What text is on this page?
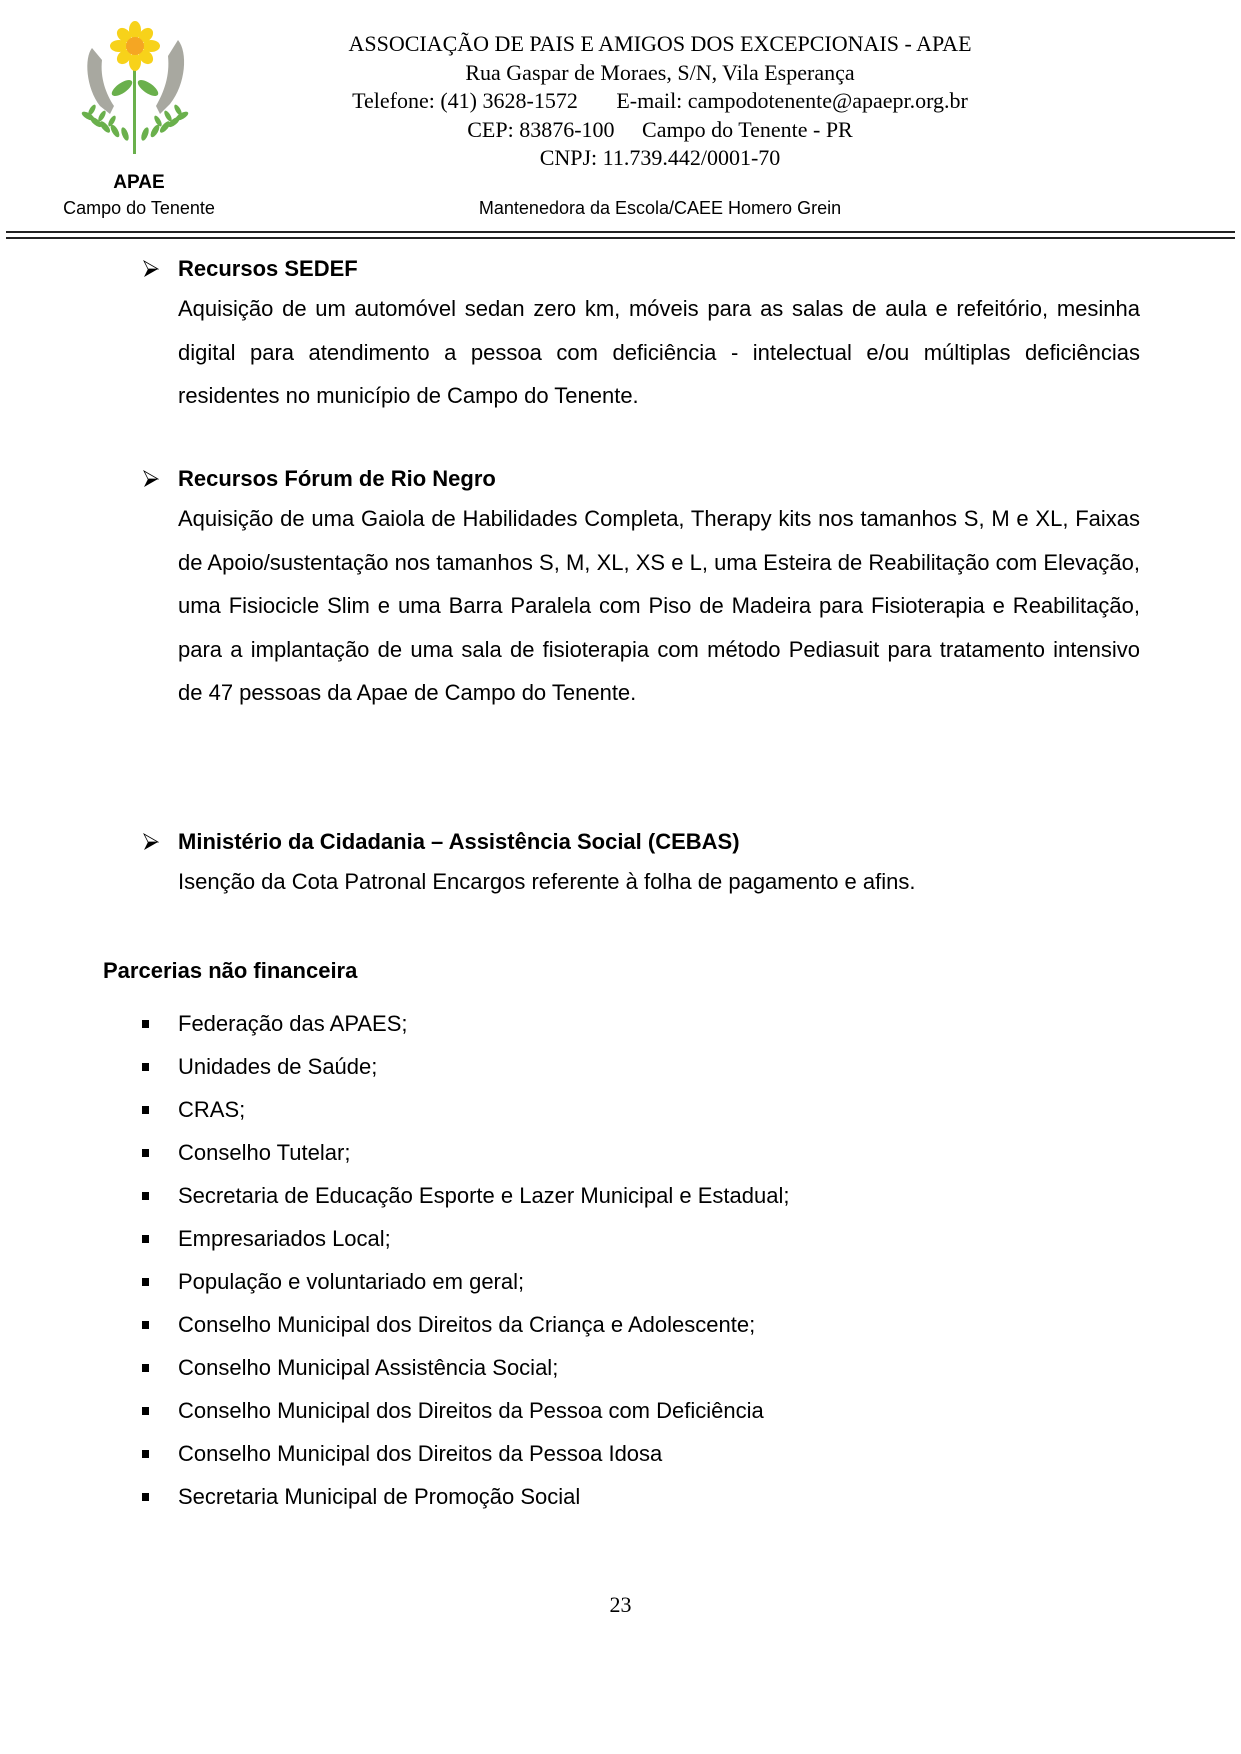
APAE
Campo do Tenente
ASSOCIAÇÃO DE PAIS E AMIGOS DOS EXCEPCIONAIS - APAE
Rua Gaspar de Moraes, S/N, Vila Esperança
Telefone: (41) 3628-1572       E-mail: campodotenente@apaepr.org.br
CEP: 83876-100     Campo do Tenente - PR
CNPJ: 11.739.442/0001-70
Mantenedora da Escola/CAEE Homero Grein
Recursos SEDEF
Aquisição de um automóvel sedan zero km, móveis para as salas de aula e refeitório, mesinha digital para atendimento a pessoa com deficiência - intelectual e/ou múltiplas deficiências residentes no município de Campo do Tenente.
Recursos Fórum de Rio Negro
Aquisição de uma Gaiola de Habilidades Completa, Therapy kits nos tamanhos S, M e XL, Faixas de Apoio/sustentação nos tamanhos S, M, XL, XS e L, uma Esteira de Reabilitação com Elevação, uma Fisiocicle Slim e uma Barra Paralela com Piso de Madeira para Fisioterapia e Reabilitação, para a implantação de uma sala de fisioterapia com método Pediasuit para tratamento intensivo de 47 pessoas da Apae de Campo do Tenente.
Ministério da Cidadania – Assistência Social (CEBAS)
Isenção da Cota Patronal Encargos referente à folha de pagamento e afins.
Parcerias não financeira
Federação das APAES;
Unidades de Saúde;
CRAS;
Conselho Tutelar;
Secretaria de Educação Esporte e Lazer Municipal e Estadual;
Empresariados Local;
População e voluntariado em geral;
Conselho Municipal dos Direitos da Criança e Adolescente;
Conselho Municipal Assistência Social;
Conselho Municipal dos Direitos da Pessoa com Deficiência
Conselho Municipal dos Direitos da Pessoa Idosa
Secretaria Municipal de Promoção Social
23
